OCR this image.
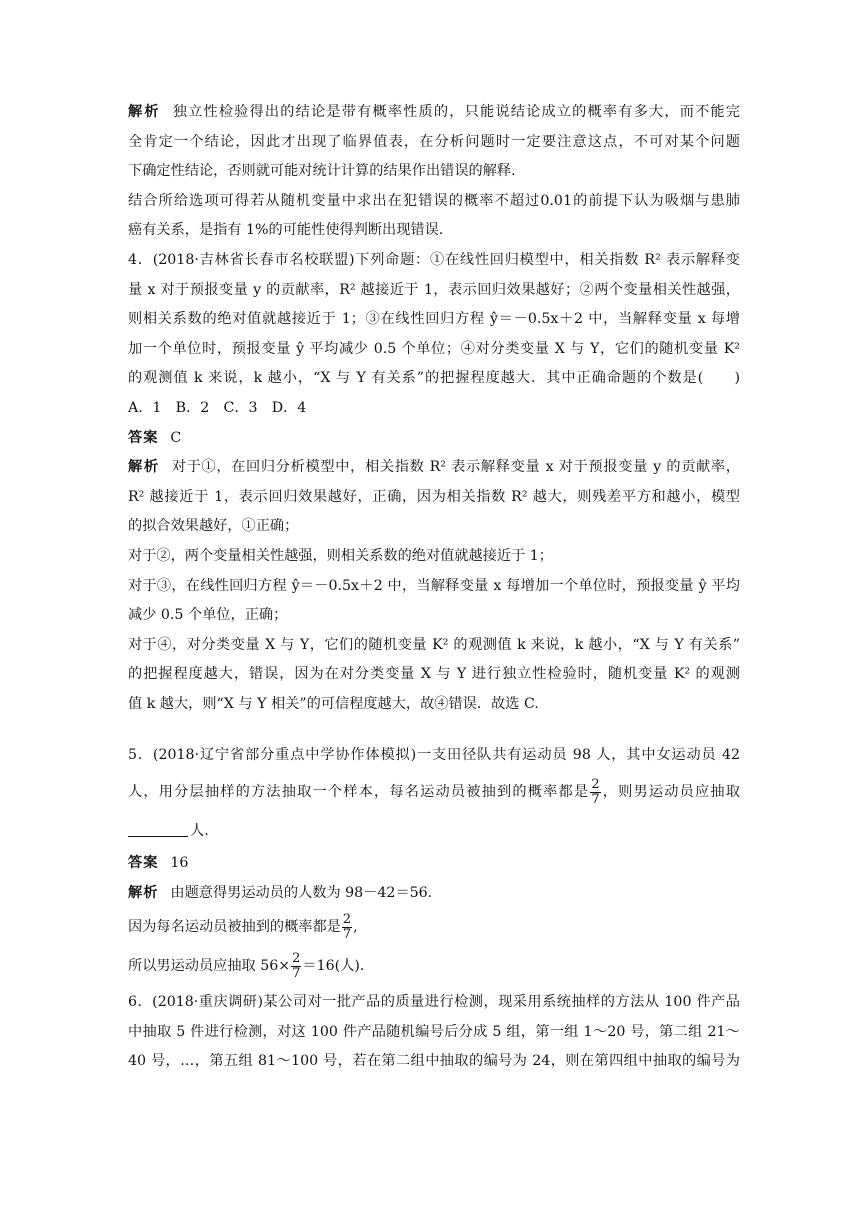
解析 独立性检验得出的结论是带有概率性质的，只能说结论成立的概率有多大，而不能完
全肯定一个结论，因此才出现了临界值表，在分析问题时一定要注意这点，不可对某个问题
下确定性结论，否则就可能对统计计算的结果作出错误的解释.
结合所给选项可得若从随机变量中求出在犯错误的概率不超过0.01的前提下认为吸烟与患肺
癌有关系，是指有 1%的可能性使得判断出现错误.
4．(2018·吉林省长春市名校联盟)下列命题：①在线性回归模型中，相关指数 R² 表示解释变
量 x 对于预报变量 y 的贡献率，R² 越接近于 1，表示回归效果越好；②两个变量相关性越强，
则相关系数的绝对值就越接近于 1；③在线性回归方程 ŷ＝－0.5x＋2 中，当解释变量 x 每增
加一个单位时，预报变量 ŷ 平均减少 0.5 个单位；④对分类变量 X 与 Y，它们的随机变量 K²
的观测值 k 来说，k 越小，“X 与 Y 有关系”的把握程度越大．其中正确命题的个数是(　　)
A．1　B．2　C．3　D．4
答案 C
解析 对于①，在回归分析模型中，相关指数 R² 表示解释变量 x 对于预报变量 y 的贡献率，
R² 越接近于 1，表示回归效果越好，正确，因为相关指数 R² 越大，则残差平方和越小，模型
的拟合效果越好，①正确；
对于②，两个变量相关性越强，则相关系数的绝对值就越接近于 1；
对于③，在线性回归方程 ŷ＝－0.5x＋2 中，当解释变量 x 每增加一个单位时，预报变量 ŷ 平均
减少 0.5 个单位，正确；
对于④，对分类变量 X 与 Y，它们的随机变量 K² 的观测值 k 来说，k 越小，“X 与 Y 有关系”
的把握程度越大，错误，因为在对分类变量 X 与 Y 进行独立性检验时，随机变量 K² 的观测
值 k 越大，则“X 与 Y 相关”的可信程度越大，故④错误．故选 C.
5．(2018·辽宁省部分重点中学协作体模拟)一支田径队共有运动员 98 人，其中女运动员 42
人，用分层抽样的方法抽取一个样本，每名运动员被抽到的概率都是 $\frac{2}{7}$ ，则男运动员应抽取
人.
答案 16
解析 由题意得男运动员的人数为 98－42＝56.
因为每名运动员被抽到的概率都是 $\frac{2}{7}$ ,
所以男运动员应抽取 $56\times \frac{2}{7} =16$(人).
6．(2018·重庆调研)某公司对一批产品的质量进行检测，现采用系统抽样的方法从 100 件产品
中抽取 5 件进行检测，对这 100 件产品随机编号后分成 5 组，第一组 1～20 号，第二组 21～
40 号，…，第五组 81～100 号，若在第二组中抽取的编号为 24，则在第四组中抽取的编号为
